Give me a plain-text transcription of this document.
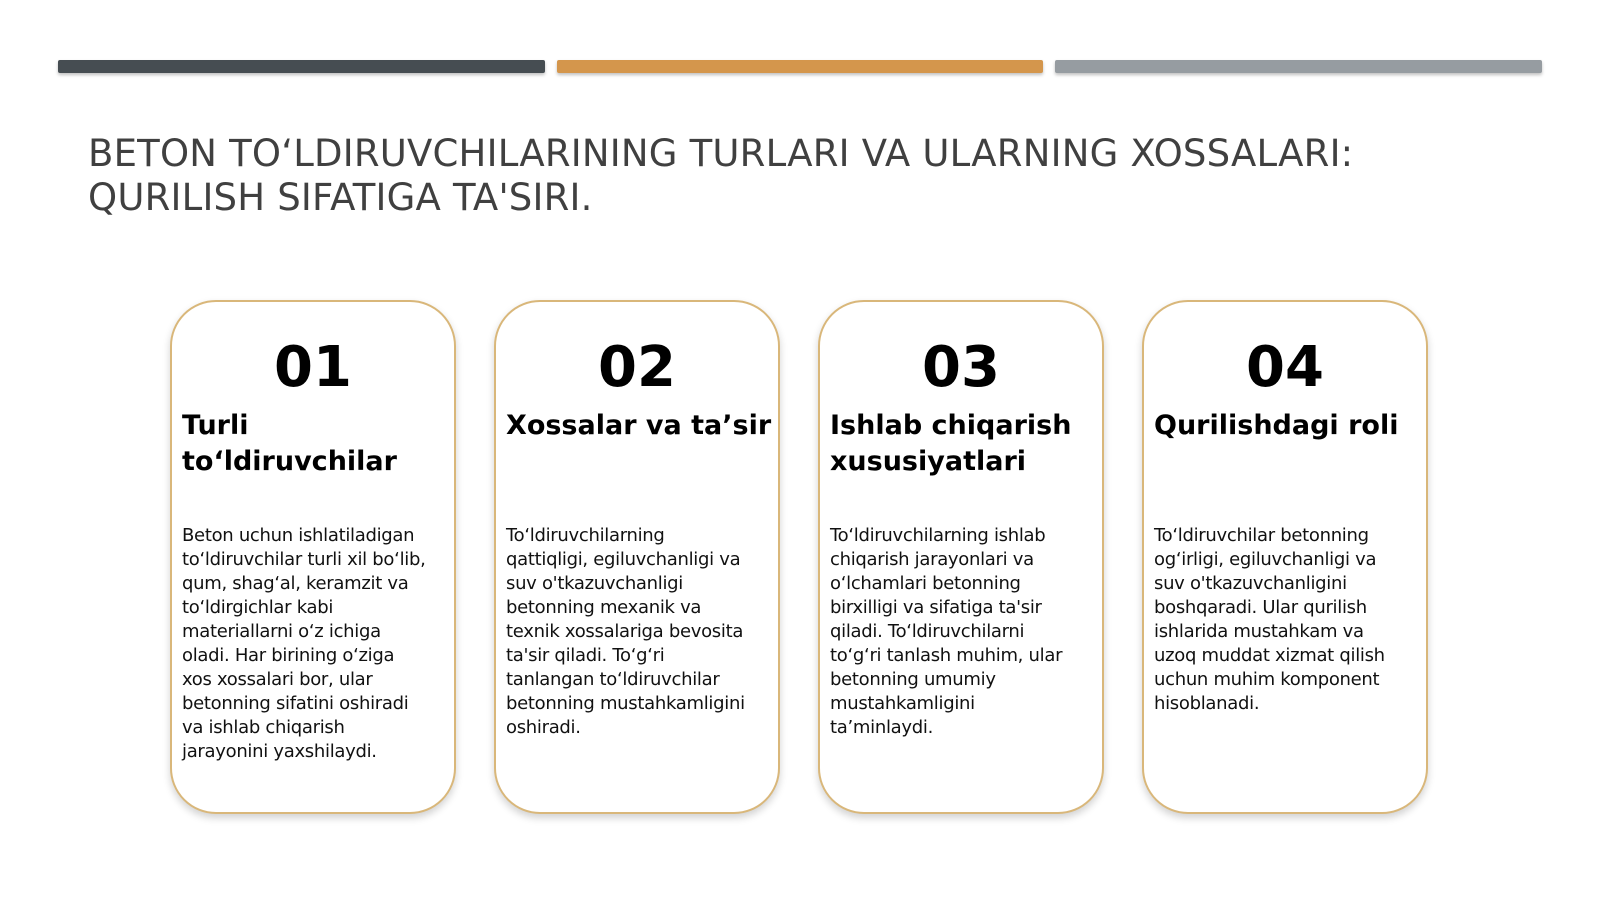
BETON TO‘LDIRUVCHILARINING TURLARI VA ULARNING XOSSALARI:
QURILISH SIFATIGA TA'SIRI.
01
Turli to‘ldiruvchilar
Beton uchun ishlatiladigan
to‘ldiruvchilar turli xil bo‘lib,
qum, shag‘al, keramzit va
to‘ldirgichlar kabi
materiallarni o‘z ichiga
oladi. Har birining o‘ziga
xos xossalari bor, ular
betonning sifatini oshiradi
va ishlab chiqarish
jarayonini yaxshilaydi.
02
Xossalar va ta’sir
To‘ldiruvchilarning
qattiqligi, egiluvchanligi va
suv o'tkazuvchanligi
betonning mexanik va
texnik xossalariga bevosita
ta'sir qiladi. To‘g‘ri
tanlangan to‘ldiruvchilar
betonning mustahkamligini
oshiradi.
03
Ishlab chiqarish xususiyatlari
To‘ldiruvchilarning ishlab
chiqarish jarayonlari va
o‘lchamlari betonning
birxilligi va sifatiga ta'sir
qiladi. To‘ldiruvchilarni
to‘g‘ri tanlash muhim, ular
betonning umumiy
mustahkamligini
ta’minlaydi.
04
Qurilishdagi roli
To‘ldiruvchilar betonning
og‘irligi, egiluvchanligi va
suv o'tkazuvchanligini
boshqaradi. Ular qurilish
ishlarida mustahkam va
uzoq muddat xizmat qilish
uchun muhim komponent
hisoblanadi.
